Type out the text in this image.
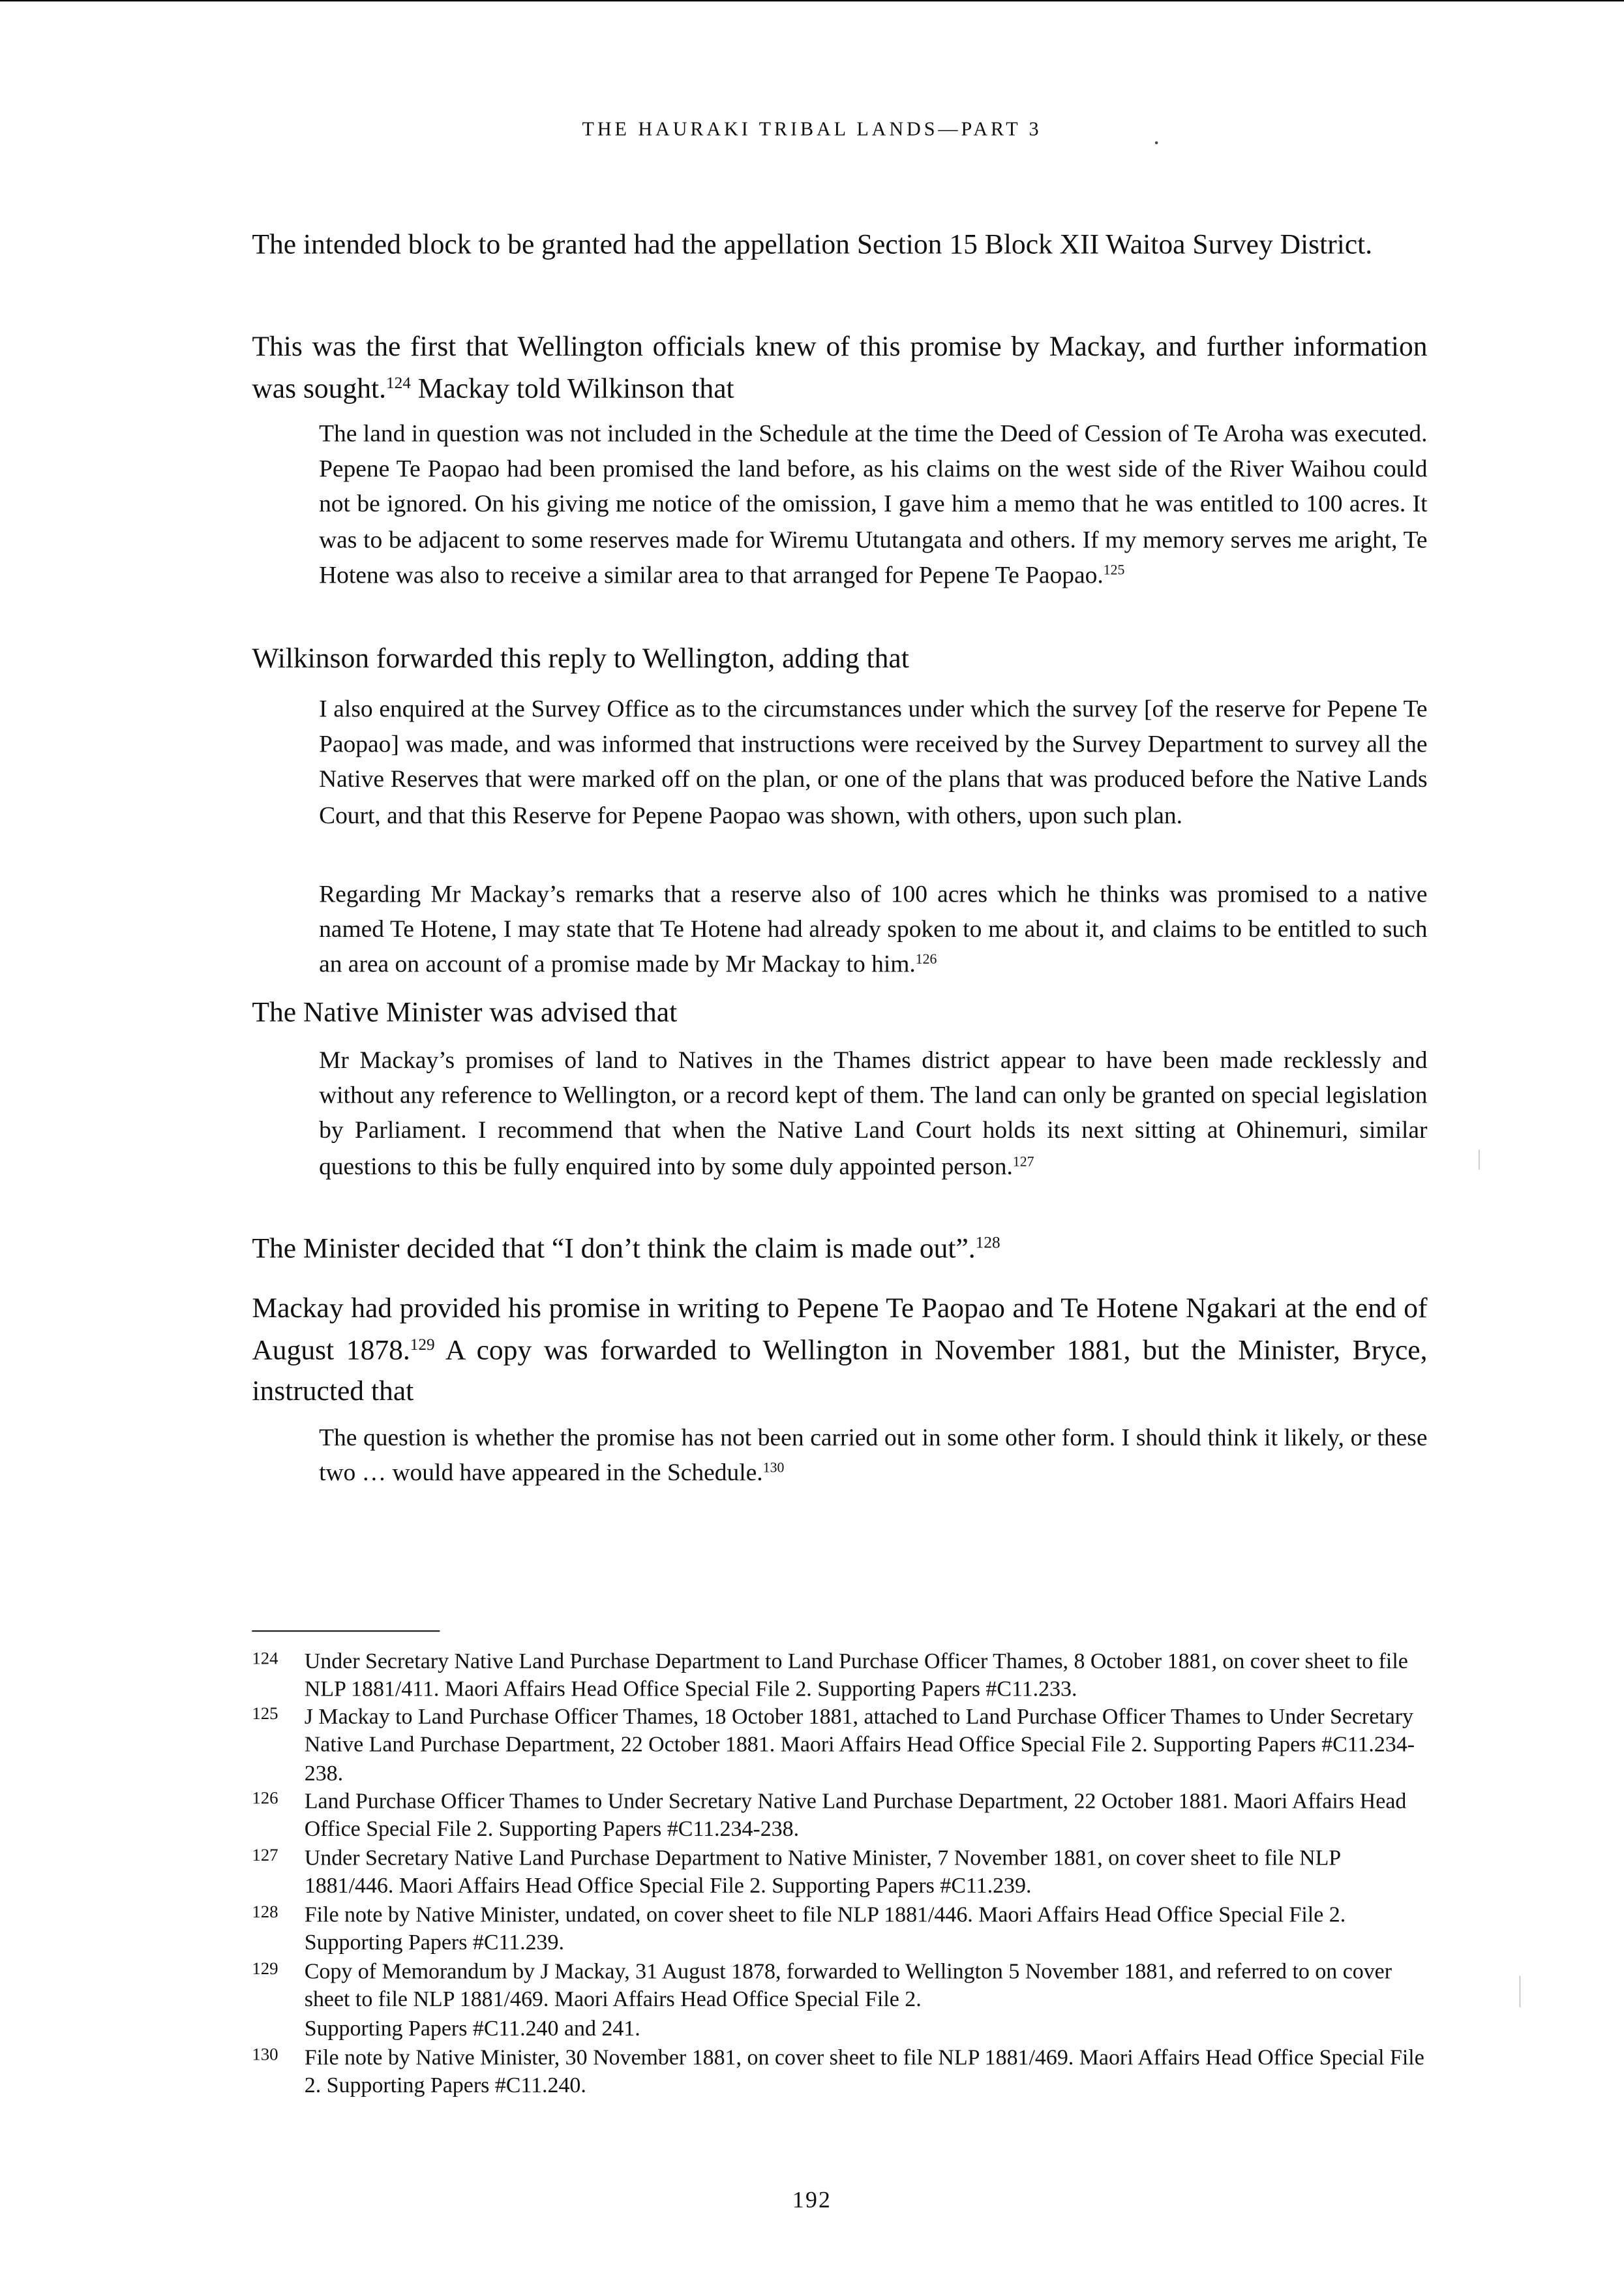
THE HAURAKI TRIBAL LANDS—PART 3

The intended block to be granted had the appellation Section 15 Block XII Waitoa Survey District.

This was the first that Wellington officials knew of this promise by Mackay, and further information was sought.$^{124}$ Mackay told Wilkinson that

The land in question was not included in the Schedule at the time the Deed of Cession of Te Aroha was executed. Pepene Te Paopao had been promised the land before, as his claims on the west side of the River Waihou could not be ignored. On his giving me notice of the omission, I gave him a memo that he was entitled to 100 acres. It was to be adjacent to some reserves made for Wiremu Ututangata and others. If my memory serves me aright, Te Hotene was also to receive a similar area to that arranged for Pepene Te Paopao.$^{125}$

Wilkinson forwarded this reply to Wellington, adding that

I also enquired at the Survey Office as to the circumstances under which the survey [of the reserve for Pepene Te Paopao] was made, and was informed that instructions were received by the Survey Department to survey all the Native Reserves that were marked off on the plan, or one of the plans that was produced before the Native Lands Court, and that this Reserve for Pepene Paopao was shown, with others, upon such plan.

Regarding Mr Mackay’s remarks that a reserve also of 100 acres which he thinks was promised to a native named Te Hotene, I may state that Te Hotene had already spoken to me about it, and claims to be entitled to such an area on account of a promise made by Mr Mackay to him.$^{126}$

The Native Minister was advised that

Mr Mackay’s promises of land to Natives in the Thames district appear to have been made recklessly and without any reference to Wellington, or a record kept of them. The land can only be granted on special legislation by Parliament. I recommend that when the Native Land Court holds its next sitting at Ohinemuri, similar questions to this be fully enquired into by some duly appointed person.$^{127}$

The Minister decided that “I don’t think the claim is made out”.$^{128}$

Mackay had provided his promise in writing to Pepene Te Paopao and Te Hotene Ngakari at the end of August 1878.$^{129}$ A copy was forwarded to Wellington in November 1881, but the Minister, Bryce, instructed that

The question is whether the promise has not been carried out in some other form. I should think it likely, or these two … would have appeared in the Schedule.$^{130}$

124	Under Secretary Native Land Purchase Department to Land Purchase Officer Thames, 8 October 1881, on cover sheet to file NLP 1881/411. Maori Affairs Head Office Special File 2. Supporting Papers #C11.233.
125	J Mackay to Land Purchase Officer Thames, 18 October 1881, attached to Land Purchase Officer Thames to Under Secretary Native Land Purchase Department, 22 October 1881. Maori Affairs Head Office Special File 2. Supporting Papers #C11.234-238.
126	Land Purchase Officer Thames to Under Secretary Native Land Purchase Department, 22 October 1881. Maori Affairs Head Office Special File 2. Supporting Papers #C11.234-238.
127	Under Secretary Native Land Purchase Department to Native Minister, 7 November 1881, on cover sheet to file NLP 1881/446. Maori Affairs Head Office Special File 2. Supporting Papers #C11.239.
128	File note by Native Minister, undated, on cover sheet to file NLP 1881/446. Maori Affairs Head Office Special File 2. Supporting Papers #C11.239.
129	Copy of Memorandum by J Mackay, 31 August 1878, forwarded to Wellington 5 November 1881, and referred to on cover sheet to file NLP 1881/469. Maori Affairs Head Office Special File 2.
Supporting Papers #C11.240 and 241.
130	File note by Native Minister, 30 November 1881, on cover sheet to file NLP 1881/469. Maori Affairs Head Office Special File 2. Supporting Papers #C11.240.
192
